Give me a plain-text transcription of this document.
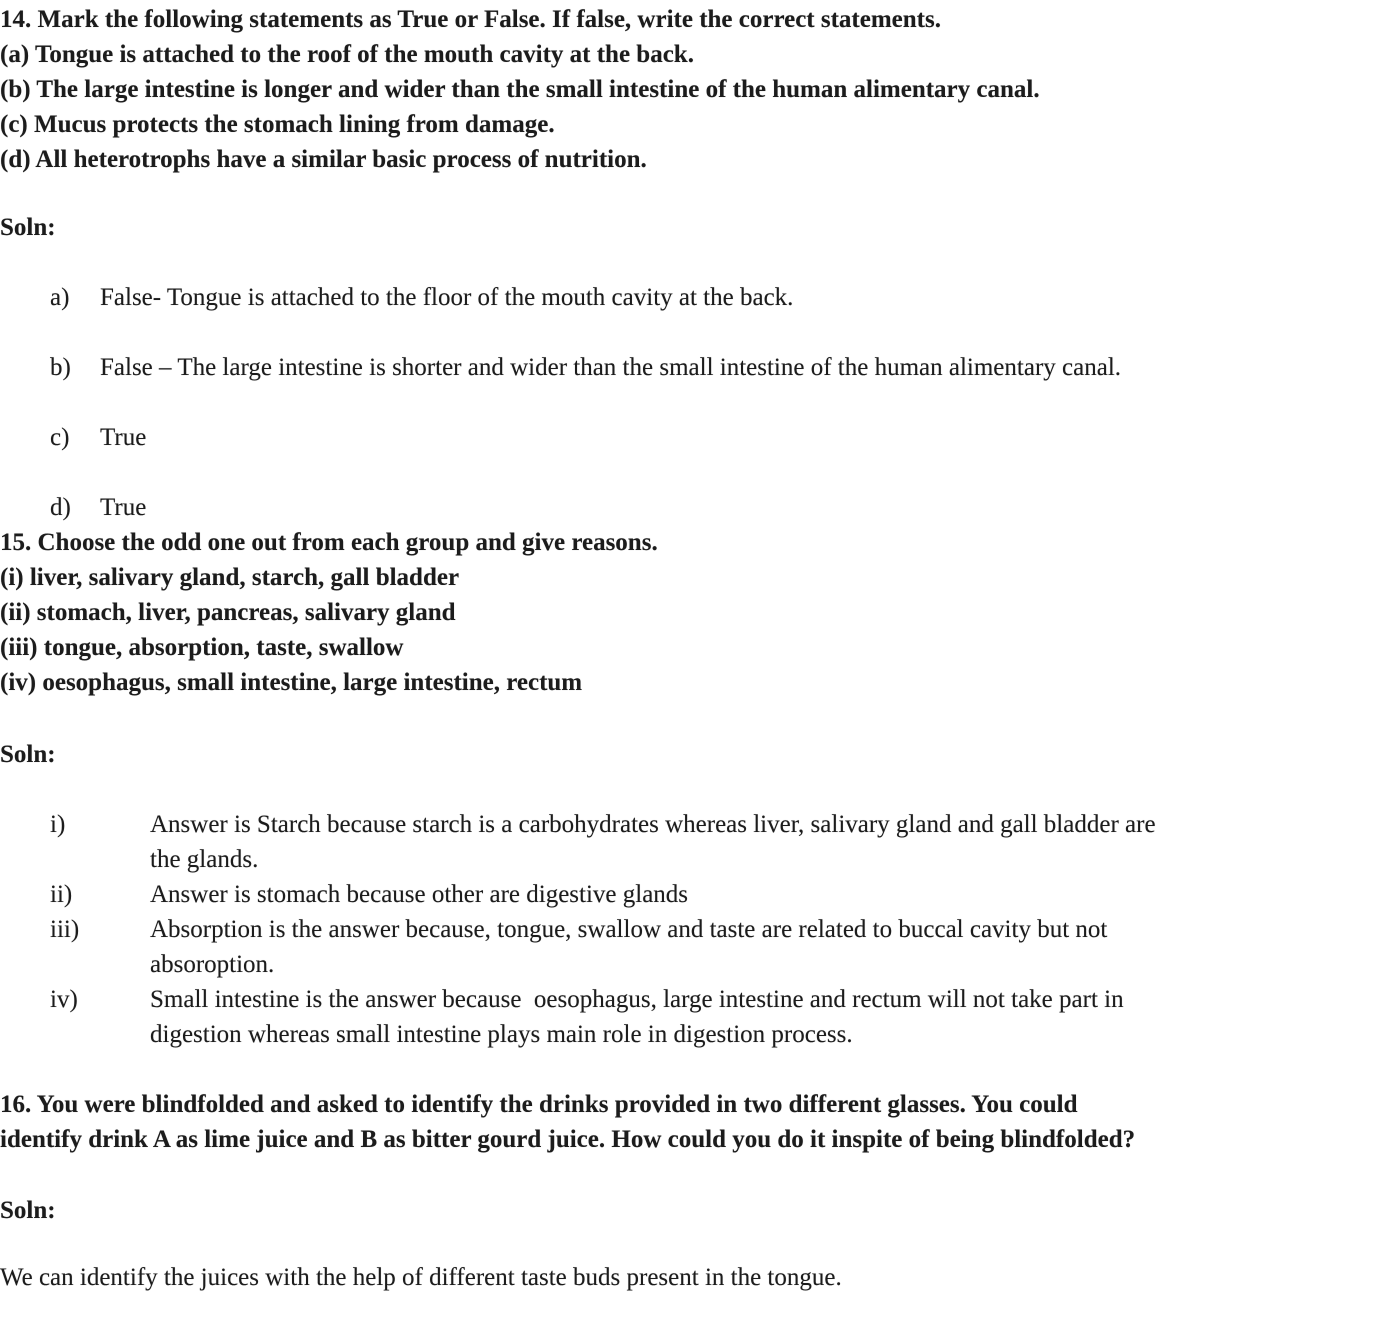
14. Mark the following statements as True or False. If false, write the correct statements.

(a) Tongue is attached to the roof of the mouth cavity at the back.

(b) The large intestine is longer and wider than the small intestine of the human alimentary canal.

(c) Mucus protects the stomach lining from damage.

(d) All heterotrophs have a similar basic process of nutrition.

Soln:

a)	False- Tongue is attached to the floor of the mouth cavity at the back.
b)	False – The large intestine is shorter and wider than the small intestine of the human alimentary canal.
c)	True
d)	True

15. Choose the odd one out from each group and give reasons.

(i) liver, salivary gland, starch, gall bladder

(ii) stomach, liver, pancreas, salivary gland

(iii) tongue, absorption, taste, swallow

(iv) oesophagus, small intestine, large intestine, rectum

Soln:

i)	Answer is Starch because starch is a carbohydrates whereas liver, salivary gland and gall bladder are
the glands.
ii)	Answer is stomach because other are digestive glands
iii)	Absorption is the answer because, tongue, swallow and taste are related to buccal cavity but not
absoroption.
iv)	Small intestine is the answer because  oesophagus, large intestine and rectum will not take part in
digestion whereas small intestine plays main role in digestion process.

16. You were blindfolded and asked to identify the drinks provided in two different glasses. You could

identify drink A as lime juice and B as bitter gourd juice. How could you do it inspite of being blindfolded?

Soln:

We can identify the juices with the help of different taste buds present in the tongue.
